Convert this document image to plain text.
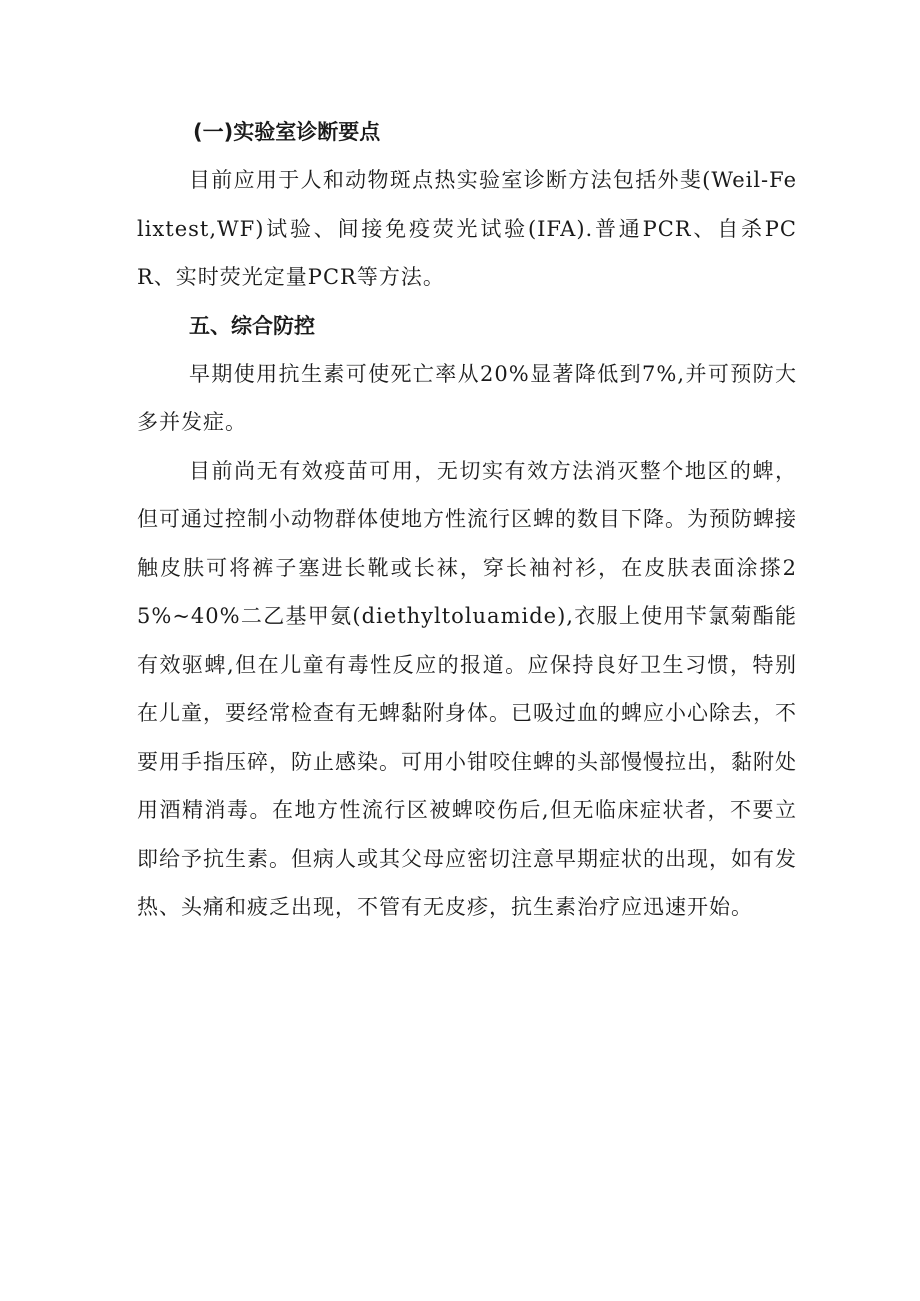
(一)实验室诊断要点

目前应用于人和动物斑点热实验室诊断方法包括外斐(Weil-Felixtest,WF)试验、间接免疫荧光试验(IFA).普通PCR、自杀PCR、实时荧光定量PCR等方法。

五、综合防控

早期使用抗生素可使死亡率从20%显著降低到7%,并可预防大多并发症。

目前尚无有效疫苗可用，无切实有效方法消灭整个地区的蜱，但可通过控制小动物群体使地方性流行区蜱的数目下降。为预防蜱接触皮肤可将裤子塞进长靴或长袜，穿长袖衬衫，在皮肤表面涂搽25%~40%二乙基甲氨(diethyltoluamide),衣服上使用苄氯菊酯能有效驱蜱,但在儿童有毒性反应的报道。应保持良好卫生习惯，特别在儿童，要经常检查有无蜱黏附身体。已吸过血的蜱应小心除去，不要用手指压碎，防止感染。可用小钳咬住蜱的头部慢慢拉出，黏附处用酒精消毒。在地方性流行区被蜱咬伤后,但无临床症状者，不要立即给予抗生素。但病人或其父母应密切注意早期症状的出现，如有发热、头痛和疲乏出现，不管有无皮疹，抗生素治疗应迅速开始。
